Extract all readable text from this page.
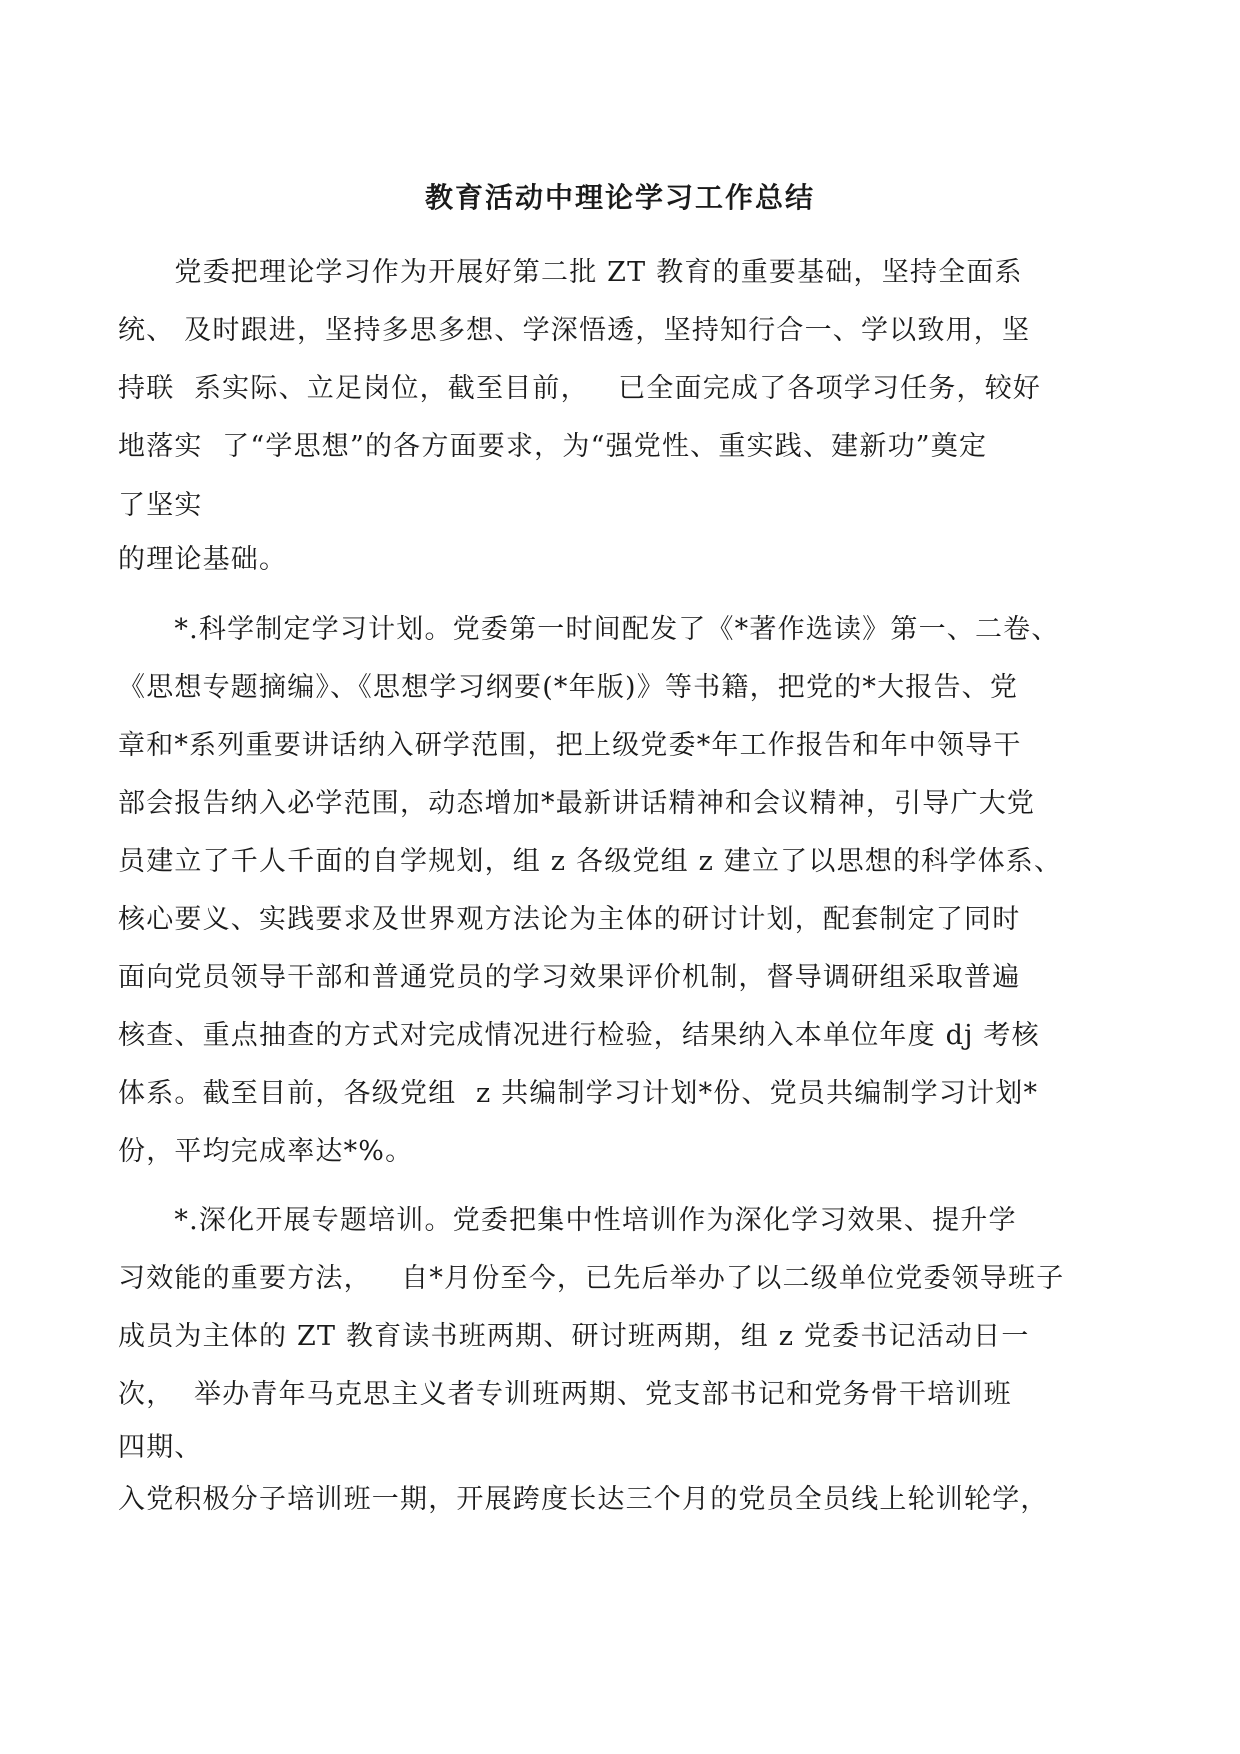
教育活动中理论学习工作总结
　　党委把理论学习作为开展好第二批 ZT 教育的重要基础，坚持全面系
统、 及时跟进，坚持多思多想、学深悟透，坚持知行合一、学以致用，坚
持联  系实际、立足岗位，截至目前，   已全面完成了各项学习任务，较好
地落实  了“学思想”的各方面要求，为“强党性、重实践、建新功”奠定
了坚实
的理论基础。
　　*.科学制定学习计划。党委第一时间配发了《*著作选读》第一、二卷、
《思想专题摘编》、《思想学习纲要(*年版)》等书籍，把党的*大报告、党
章和*系列重要讲话纳入研学范围，把上级党委*年工作报告和年中领导干
部会报告纳入必学范围，动态增加*最新讲话精神和会议精神，引导广大党
员建立了千人千面的自学规划，组 z 各级党组 z 建立了以思想的科学体系、
核心要义、实践要求及世界观方法论为主体的研讨计划，配套制定了同时
面向党员领导干部和普通党员的学习效果评价机制，督导调研组采取普遍
核查、重点抽查的方式对完成情况进行检验，结果纳入本单位年度 dj 考核
体系。截至目前，各级党组  z 共编制学习计划*份、党员共编制学习计划*
份，平均完成率达*%。
　　*.深化开展专题培训。党委把集中性培训作为深化学习效果、提升学
习效能的重要方法，   自*月份至今，已先后举办了以二级单位党委领导班子
成员为主体的 ZT 教育读书班两期、研讨班两期，组 z 党委书记活动日一
次，  举办青年马克思主义者专训班两期、党支部书记和党务骨干培训班
四期、
入党积极分子培训班一期，开展跨度长达三个月的党员全员线上轮训轮学，
